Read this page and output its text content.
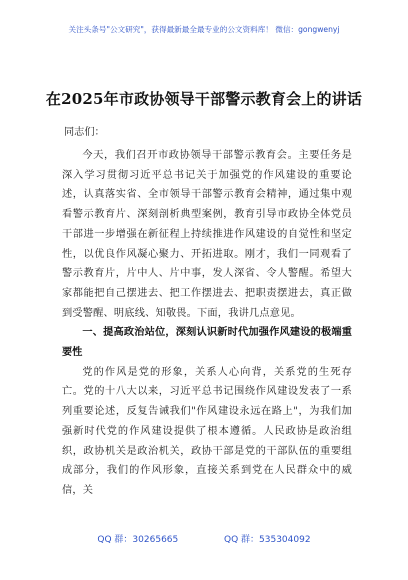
关注头条号"公文研究"，获得最新最全最专业的公文资料库！ 微信：gongwenyj
在2025年市政协领导干部警示教育会上的讲话
同志们：

今天，我们召开市政协领导干部警示教育会。主要任务是深入学习贯彻习近平总书记关于加强党的作风建设的重要论述，认真落实省、全市领导干部警示教育会精神，通过集中观看警示教育片、深刻剖析典型案例，教育引导市政协全体党员干部进一步增强在新征程上持续推进作风建设的自觉性和坚定性，以优良作风凝心聚力、开拓进取。刚才，我们一同观看了警示教育片，片中人、片中事，发人深省、令人警醒。希望大家都能把自己摆进去、把工作摆进去、把职责摆进去，真正做到受警醒、明底线、知敬畏。下面，我讲几点意见。

一、提高政治站位，深刻认识新时代加强作风建设的极端重要性

党的作风是党的形象，关系人心向背，关系党的生死存亡。党的十八大以来，习近平总书记围绕作风建设发表了一系列重要论述，反复告诫我们"作风建设永远在路上"，为我们加强新时代党的作风建设提供了根本遵循。人民政协是政治组织，政协机关是政治机关，政协干部是党的干部队伍的重要组成部分，我们的作风形象，直接关系到党在人民群众中的威信，关

QQ 群：30265665	QQ 群：535304092
